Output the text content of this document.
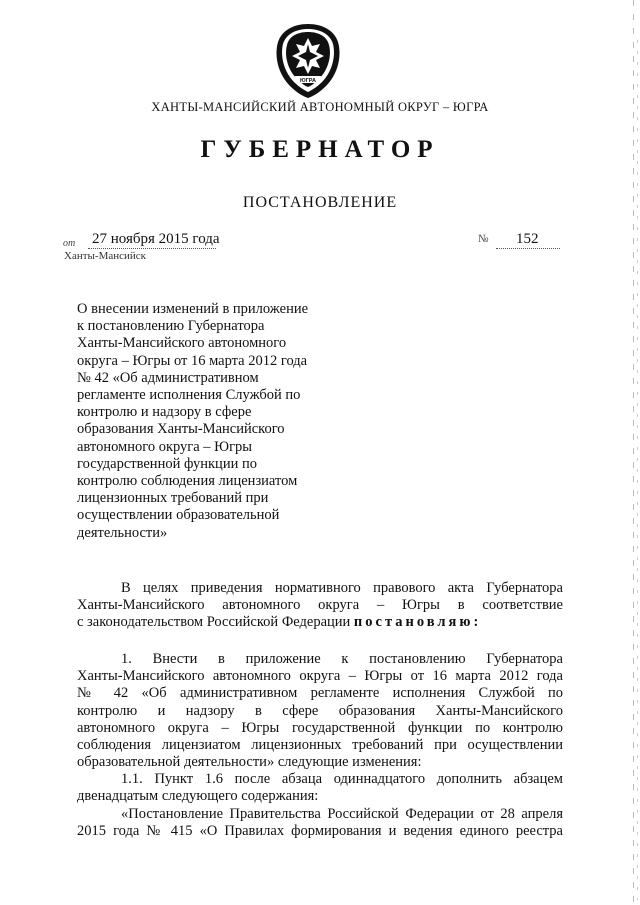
ЮГРА
ХАНТЫ-МАНСИЙСКИЙ АВТОНОМНЫЙ ОКРУГ – ЮГРА
ГУБЕРНАТОР
ПОСТАНОВЛЕНИЕ
от 27 ноября 2015 года	№ 152
Ханты-Мансийск
О внесении изменений в приложение
к постановлению Губернатора
Ханты-Мансийского автономного
округа – Югры от 16 марта 2012 года
№ 42 «Об административном
регламенте исполнения Службой по
контролю и надзору в сфере
образования Ханты-Мансийского
автономного округа – Югры
государственной функции по
контролю соблюдения лицензиатом
лицензионных требований при
осуществлении образовательной
деятельности»
В целях приведения нормативного правового акта Губернатора
Ханты-Мансийского автономного округа – Югры в соответствие
с законодательством Российской Федерации постановляю:
1. Внести в приложение к постановлению Губернатора
Ханты-Мансийского автономного округа – Югры от 16 марта 2012 года
№ 42 «Об административном регламенте исполнения Службой по
контролю и надзору в сфере образования Ханты-Мансийского
автономного округа – Югры государственной функции по контролю
соблюдения лицензиатом лицензионных требований при осуществлении
образовательной деятельности» следующие изменения:
1.1. Пункт 1.6 после абзаца одиннадцатого дополнить абзацем
двенадцатым следующего содержания:
«Постановление Правительства Российской Федерации от 28 апреля
2015 года № 415 «О Правилах формирования и ведения единого реестра
